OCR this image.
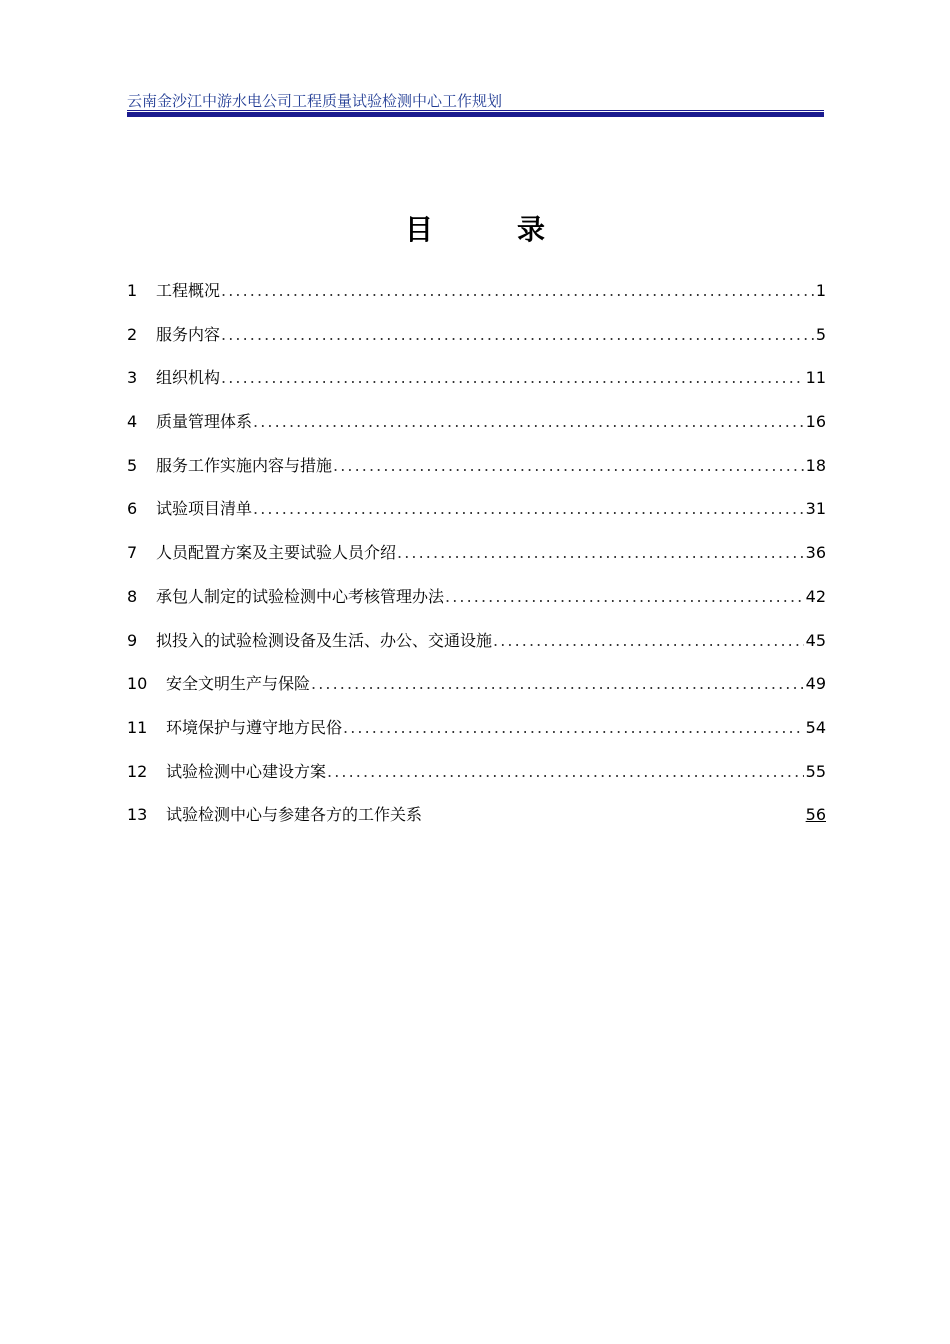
云南金沙江中游水电公司工程质量试验检测中心工作规划
目录
1	工程概况 .....	1
2	服务内容 .....	5
3	组织机构 .....	11
4	质量管理体系 .....	16
5	服务工作实施内容与措施 .....	18
6	试验项目清单 .....	31
7	人员配置方案及主要试验人员介绍 .....	36
8	承包人制定的试验检测中心考核管理办法 .....	42
9	拟投入的试验检测设备及生活、办公、交通设施 .....	45
10	安全文明生产与保险 .....	49
11	环境保护与遵守地方民俗 .....	54
12	试验检测中心建设方案 .....	55
13	试验检测中心与参建各方的工作关系	56
